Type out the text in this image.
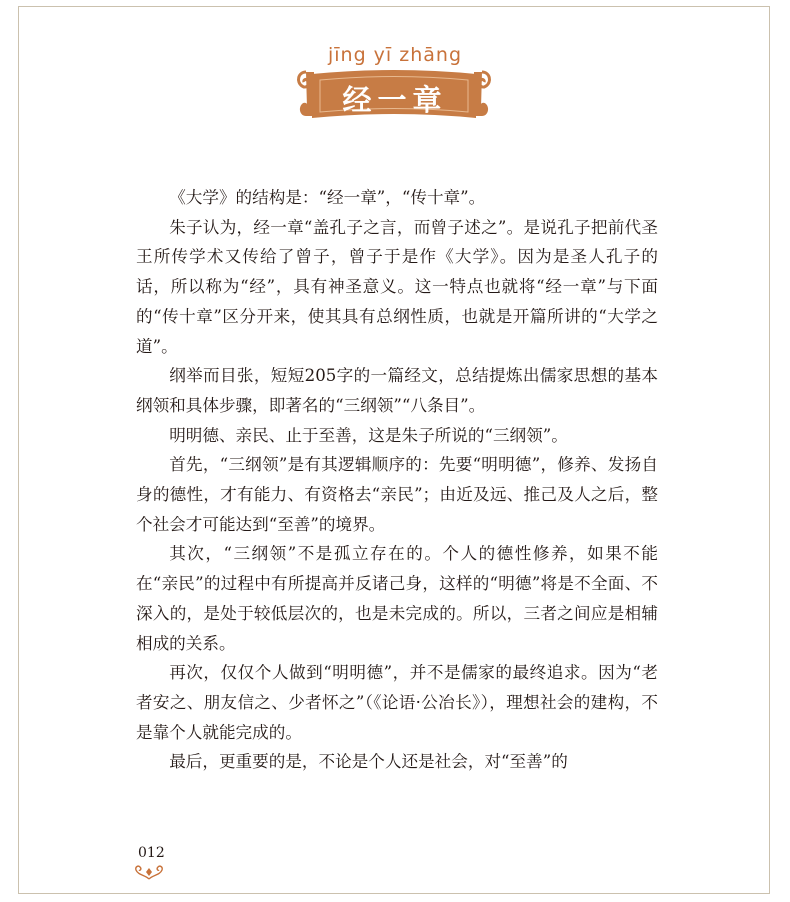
jīng yī zhāng
经一章

《大学》的结构是：“经一章”，“传十章”。

朱子认为，经一章“盖孔子之言，而曾子述之”。是说孔子把前代圣王所传学术又传给了曾子，曾子于是作《大学》。因为是圣人孔子的话，所以称为“经”，具有神圣意义。这一特点也就将“经一章”与下面的“传十章”区分开来，使其具有总纲性质，也就是开篇所讲的“大学之道”。

纲举而目张，短短205字的一篇经文，总结提炼出儒家思想的基本纲领和具体步骤，即著名的“三纲领”“八条目”。

明明德、亲民、止于至善，这是朱子所说的“三纲领”。

首先，“三纲领”是有其逻辑顺序的：先要“明明德”，修养、发扬自身的德性，才有能力、有资格去“亲民”；由近及远、推己及人之后，整个社会才可能达到“至善”的境界。

其次，“三纲领”不是孤立存在的。个人的德性修养，如果不能在“亲民”的过程中有所提高并反诸己身，这样的“明德”将是不全面、不深入的，是处于较低层次的，也是未完成的。所以，三者之间应是相辅相成的关系。

再次，仅仅个人做到“明明德”，并不是儒家的最终追求。因为“老者安之、朋友信之、少者怀之”（《论语·公冶长》），理想社会的建构，不是靠个人就能完成的。

最后，更重要的是，不论是个人还是社会，对“至善”的

012
